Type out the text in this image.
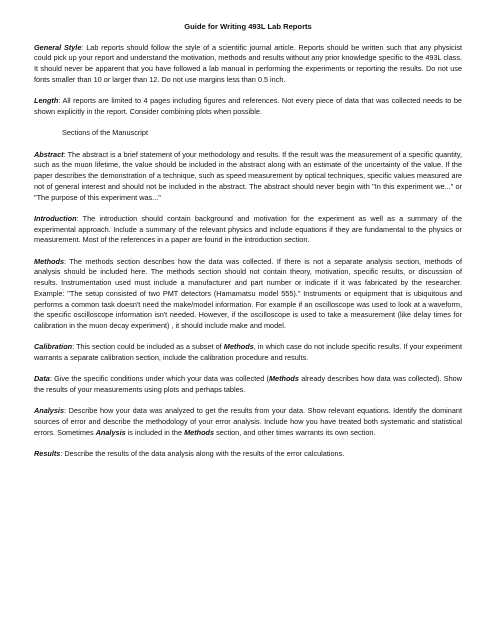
Guide for Writing 493L Lab Reports

General Style: Lab reports should follow the style of a scientific journal article. Reports should be written such that any physicist could pick up your report and understand the motivation, methods and results without any prior knowledge specific to the 493L class. It should never be apparent that you have followed a lab manual in performing the experiments or reporting the results. Do not use fonts smaller than 10 or larger than 12. Do not use margins less than 0.5 inch.

Length: All reports are limited to 4 pages including figures and references. Not every piece of data that was collected needs to be shown explicitly in the report. Consider combining plots when possible.

Sections of the Manuscript

Abstract: The abstract is a brief statement of your methodology and results. If the result was the measurement of a specific quantity, such as the muon lifetime, the value should be included in the abstract along with an estimate of the uncertainty of the value. If the paper describes the demonstration of a technique, such as speed measurement by optical techniques, specific values measured are not of general interest and should not be included in the abstract. The abstract should never begin with "In this experiment we..." or "The purpose of this experiment was..."

Introduction: The introduction should contain background and motivation for the experiment as well as a summary of the experimental approach. Include a summary of the relevant physics and include equations if they are fundamental to the physics or measurement. Most of the references in a paper are found in the introduction section.

Methods: The methods section describes how the data was collected. If there is not a separate analysis section, methods of analysis should be included here. The methods section should not contain theory, motivation, specific results, or discussion of results. Instrumentation used must include a manufacturer and part number or indicate if it was fabricated by the researcher. Example: "The setup consisted of two PMT detectors (Hamamatsu model 555)." Instruments or equipment that is ubiquitous and performs a common task doesn't need the make/model information. For example if an oscilloscope was used to look at a waveform, the specific oscilloscope information isn't needed. However, if the oscilloscope is used to take a measurement (like delay times for calibration in the muon decay experiment) , it should include make and model.

Calibration: This section could be included as a subset of Methods, in which case do not include specific results. If your experiment warrants a separate calibration section, include the calibration procedure and results.

Data: Give the specific conditions under which your data was collected (Methods already describes how data was collected). Show the results of your measurements using plots and perhaps tables.

Analysis: Describe how your data was analyzed to get the results from your data. Show relevant equations. Identify the dominant sources of error and describe the methodology of your error analysis. Include how you have treated both systematic and statistical errors. Sometimes Analysis is included in the Methods section, and other times warrants its own section.

Results: Describe the results of the data analysis along with the results of the error calculations.
